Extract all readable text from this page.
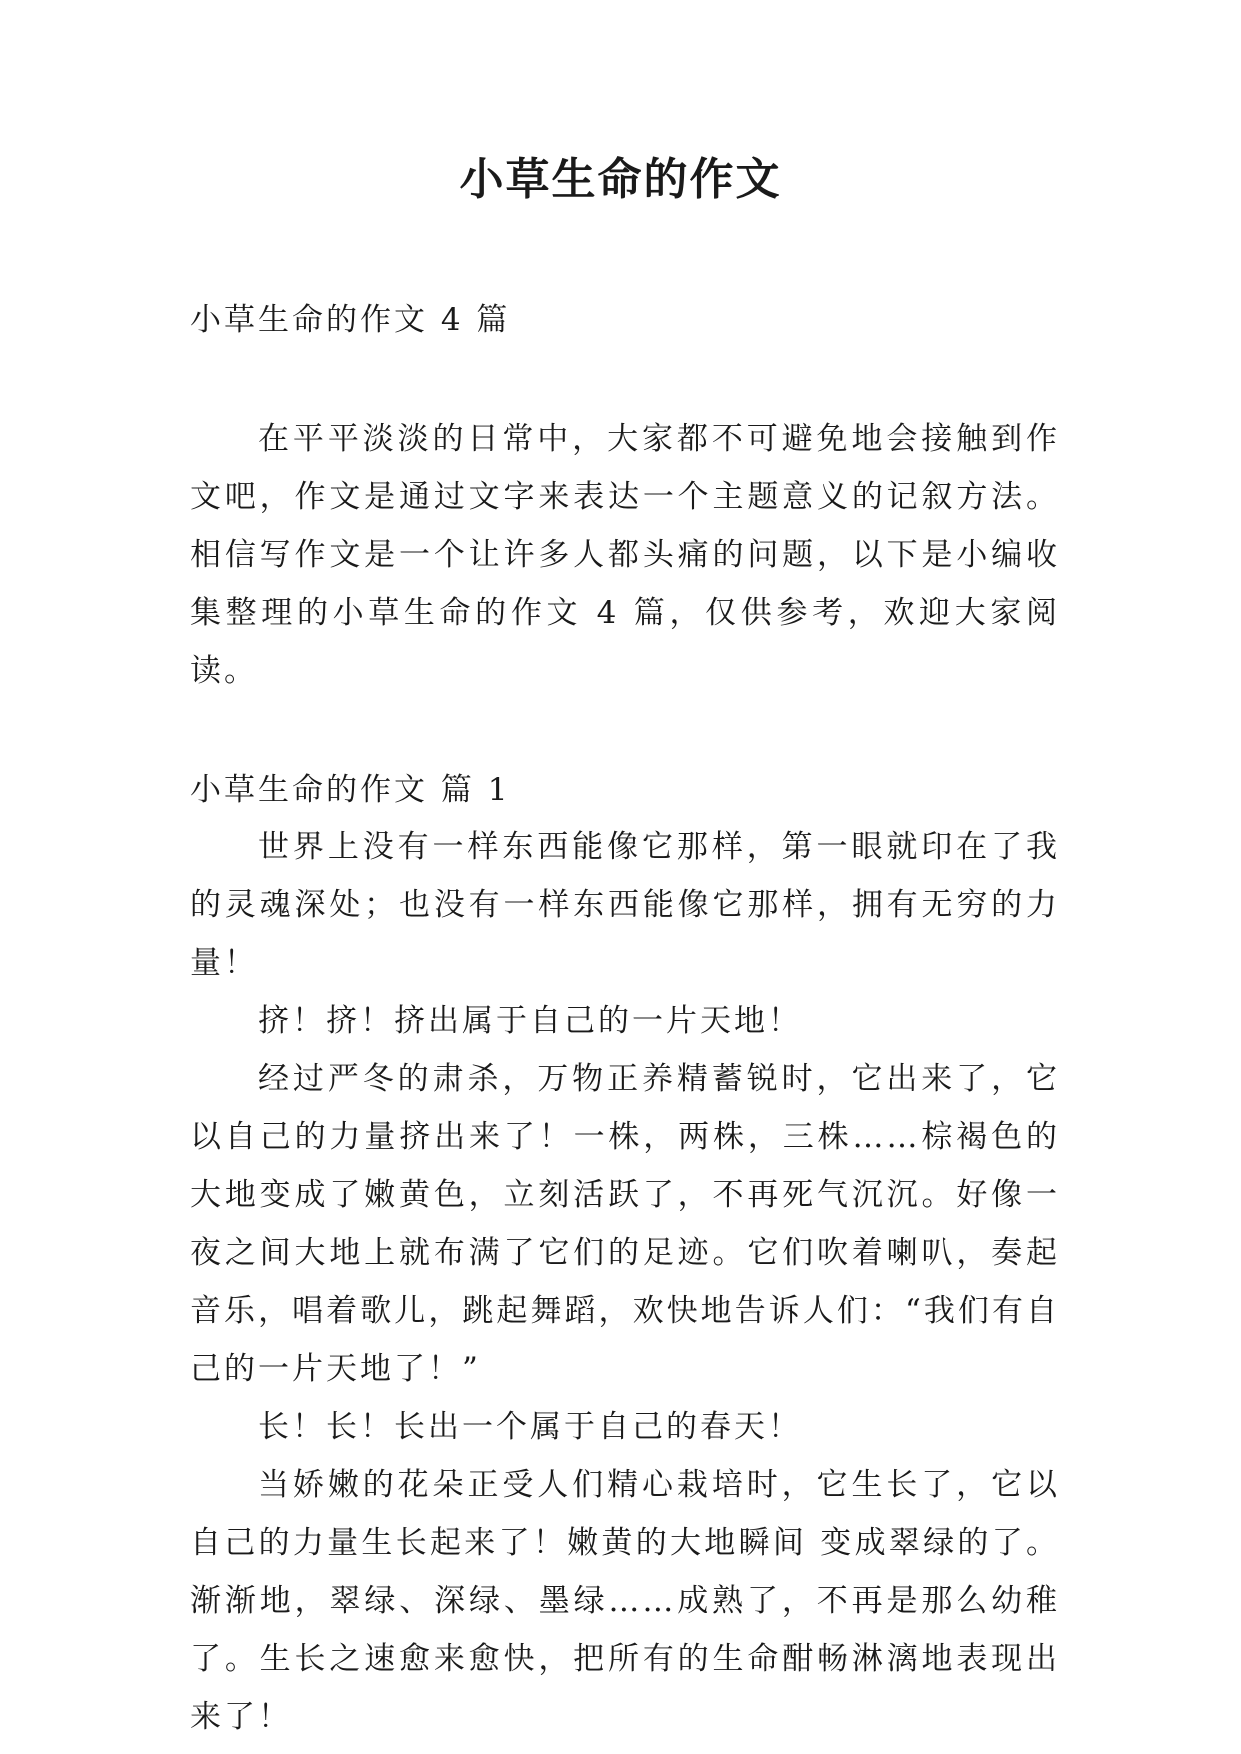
小草生命的作文

小草生命的作文 4 篇

在平平淡淡的日常中，大家都不可避免地会接触到作文吧，作文是通过文字来表达一个主题意义的记叙方法。相信写作文是一个让许多人都头痛的问题，以下是小编收集整理的小草生命的作文 4 篇，仅供参考，欢迎大家阅读。

小草生命的作文 篇 1

世界上没有一样东西能像它那样，第一眼就印在了我的灵魂深处；也没有一样东西能像它那样，拥有无穷的力量！

挤！挤！挤出属于自己的一片天地！

经过严冬的肃杀，万物正养精蓄锐时，它出来了，它以自己的力量挤出来了！一株，两株，三株……棕褐色的大地变成了嫩黄色，立刻活跃了，不再死气沉沉。好像一夜之间大地上就布满了它们的足迹。它们吹着喇叭，奏起音乐，唱着歌儿，跳起舞蹈，欢快地告诉人们：“我们有自己的一片天地了！”

长！长！长出一个属于自己的春天！

当娇嫩的花朵正受人们精心栽培时，它生长了，它以自己的力量生长起来了！嫩黄的大地瞬间 变成翠绿的了。渐渐地，翠绿、深绿、墨绿……成熟了，不再是那么幼稚了。生长之速愈来愈快，把所有的生命酣畅淋漓地表现出来了！
